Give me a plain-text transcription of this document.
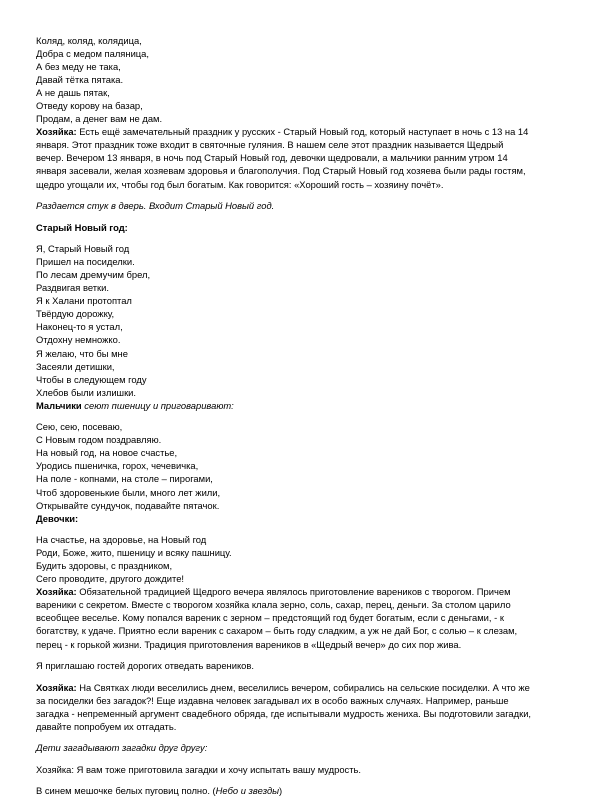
Коляд, коляд, колядица,
Добра с медом паляница,
А без меду не така,
Давай тётка пятака.
А не дашь пятак,
Отведу корову на базар,
Продам, а денег вам не дам.
Хозяйка: Есть ещё замечательный праздник у русских - Старый Новый год, который наступает в ночь с 13 на 14
января. Этот праздник тоже входит в святочные гуляния. В нашем селе этот праздник называется Щедрый
вечер. Вечером 13 января, в ночь под Старый Новый год, девочки щедровали, а мальчики ранним утром 14
января засевали, желая хозяевам здоровья и благополучия. Под Старый Новый год хозяева были рады гостям,
щедро угощали их, чтобы год был богатым. Как говорится: «Хороший гость – хозяину почёт».
Раздается стук в дверь. Входит Старый Новый год.
Старый Новый год:
Я, Старый Новый год
Пришел на посиделки.
По лесам дремучим брел,
Раздвигая ветки.
Я к Халани протоптал
Твёрдую дорожку,
Наконец-то я устал,
Отдохну немножко.
Я желаю, что бы мне
Засеяли детишки,
Чтобы в следующем году
Хлебов были излишки.
Мальчики сеют пшеницу и приговаривают:
Сею, сею, посеваю,
С Новым годом поздравляю.
На новый год, на новое счастье,
Уродись пшеничка, горох, чечевичка,
На поле - копнами, на столе – пирогами,
Чтоб здоровенькие были, много лет жили,
Открывайте сундучок, подавайте пятачок.
Девочки:
На счастье, на здоровье, на Новый год
Роди, Боже, жито, пшеницу и всяку пашницу.
Будить здоровы, с праздником,
Сего проводите, другого дождите!
Хозяйка: Обязательной традицией Щедрого вечера являлось приготовление вареников с творогом. Причем
вареники с секретом. Вместе с творогом хозяйка клала зерно, соль, сахар, перец, деньги. За столом царило
всеобщее веселье. Кому попался вареник с зерном – предстоящий год будет богатым, если с деньгами, - к
богатству, к удаче. Приятно если вареник с сахаром – быть году сладким, а уж не дай Бог, с солью – к слезам,
перец - к горькой жизни. Традиция приготовления вареников в «Щедрый вечер» до сих пор жива.
Я приглашаю гостей дорогих отведать вареников.
Хозяйка: На Святках люди веселились днем, веселились вечером, собирались на сельские посиделки. А что же
за посиделки без загадок?! Еще издавна человек загадывал их в особо важных случаях. Например, раньше
загадка - непременный аргумент свадебного обряда, где испытывали мудрость жениха. Вы подготовили загадки,
давайте попробуем их отгадать.
Дети загадывают загадки друг другу:
Хозяйка: Я вам тоже приготовила загадки и хочу испытать вашу мудрость.
В синем мешочке белых пуговиц полно. (Небо и звезды)
